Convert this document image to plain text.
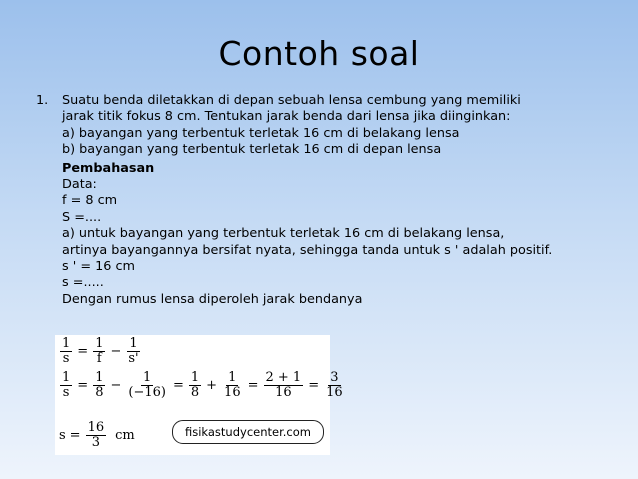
Contoh soal
1.	Suatu benda diletakkan di depan sebuah lensa cembung yang memiliki
jarak titik fokus 8 cm. Tentukan jarak benda dari lensa jika diinginkan:
a) bayangan yang terbentuk terletak 16 cm di belakang lensa
b) bayangan yang terbentuk terletak 16 cm di depan lensa
Pembahasan
Data:
f = 8 cm
S =....
a) untuk bayangan yang terbentuk terletak 16 cm di belakang lensa,
artinya bayangannya bersifat nyata, sehingga tanda untuk s ' adalah positif.
s ' = 16 cm
s =.....
Dengan rumus lensa diperoleh jarak bendanya
$\frac{1}{s} = \frac{1}{f} - \frac{1}{s'}$
$\frac{1}{s} = \frac{1}{8} - \frac{1}{(-16)} = \frac{1}{8} + \frac{1}{16} = \frac{2 + 1}{16} = \frac{3}{16}$
$s = \frac{16}{3}$ cm	fisikastudycenter.com
